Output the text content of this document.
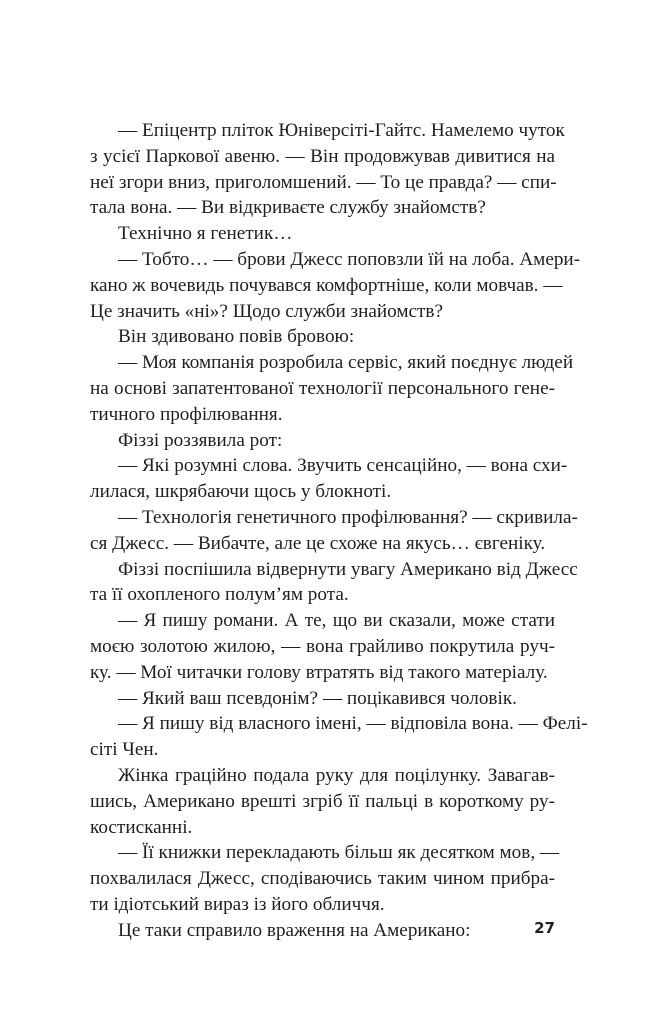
— Епіцентр пліток Юніверсіті-Гайтс. Намелемо чуток
з усієї Паркової авеню. — Він продовжував дивитися на
неї згори вниз, приголомшений. — То це правда? — спи-
тала вона. — Ви відкриваєте службу знайомств?
Технічно я генетик…
— Тобто… — брови Джесс поповзли їй на лоба. Амери-
кано ж вочевидь почувався комфортніше, коли мовчав. —
Це значить «ні»? Щодо служби знайомств?
Він здивовано повів бровою:
— Моя компанія розробила сервіс, який поєднує людей
на основі запатентованої технології персонального гене-
тичного профілювання.
Фіззі роззявила рот:
— Які розумні слова. Звучить сенсаційно, — вона схи-
лилася, шкрябаючи щось у блокноті.
— Технологія генетичного профілювання? — скривила-
ся Джесс. — Вибачте, але це схоже на якусь… євгеніку.
Фіззі поспішила відвернути увагу Американо від Джесс
та її охопленого полум’ям рота.
— Я пишу романи. А те, що ви сказали, може стати
моєю золотою жилою, — вона грайливо покрутила руч-
ку. — Мої читачки голову втратять від такого матеріалу.
— Який ваш псевдонім? — поцікавився чоловік.
— Я пишу від власного імені, — відповіла вона. — Фелі-
сіті Чен.
Жінка грацiйно подала руку для поцілунку. Завагав-
шись, Американо врешті згріб її пальці в короткому ру-
костисканні.
— Її книжки перекладають більш як десятком мов, —
похвалилася Джесс, сподіваючись таким чином прибра-
ти ідіотський вираз із його обличчя.
Це таки справило враження на Американо:	27
